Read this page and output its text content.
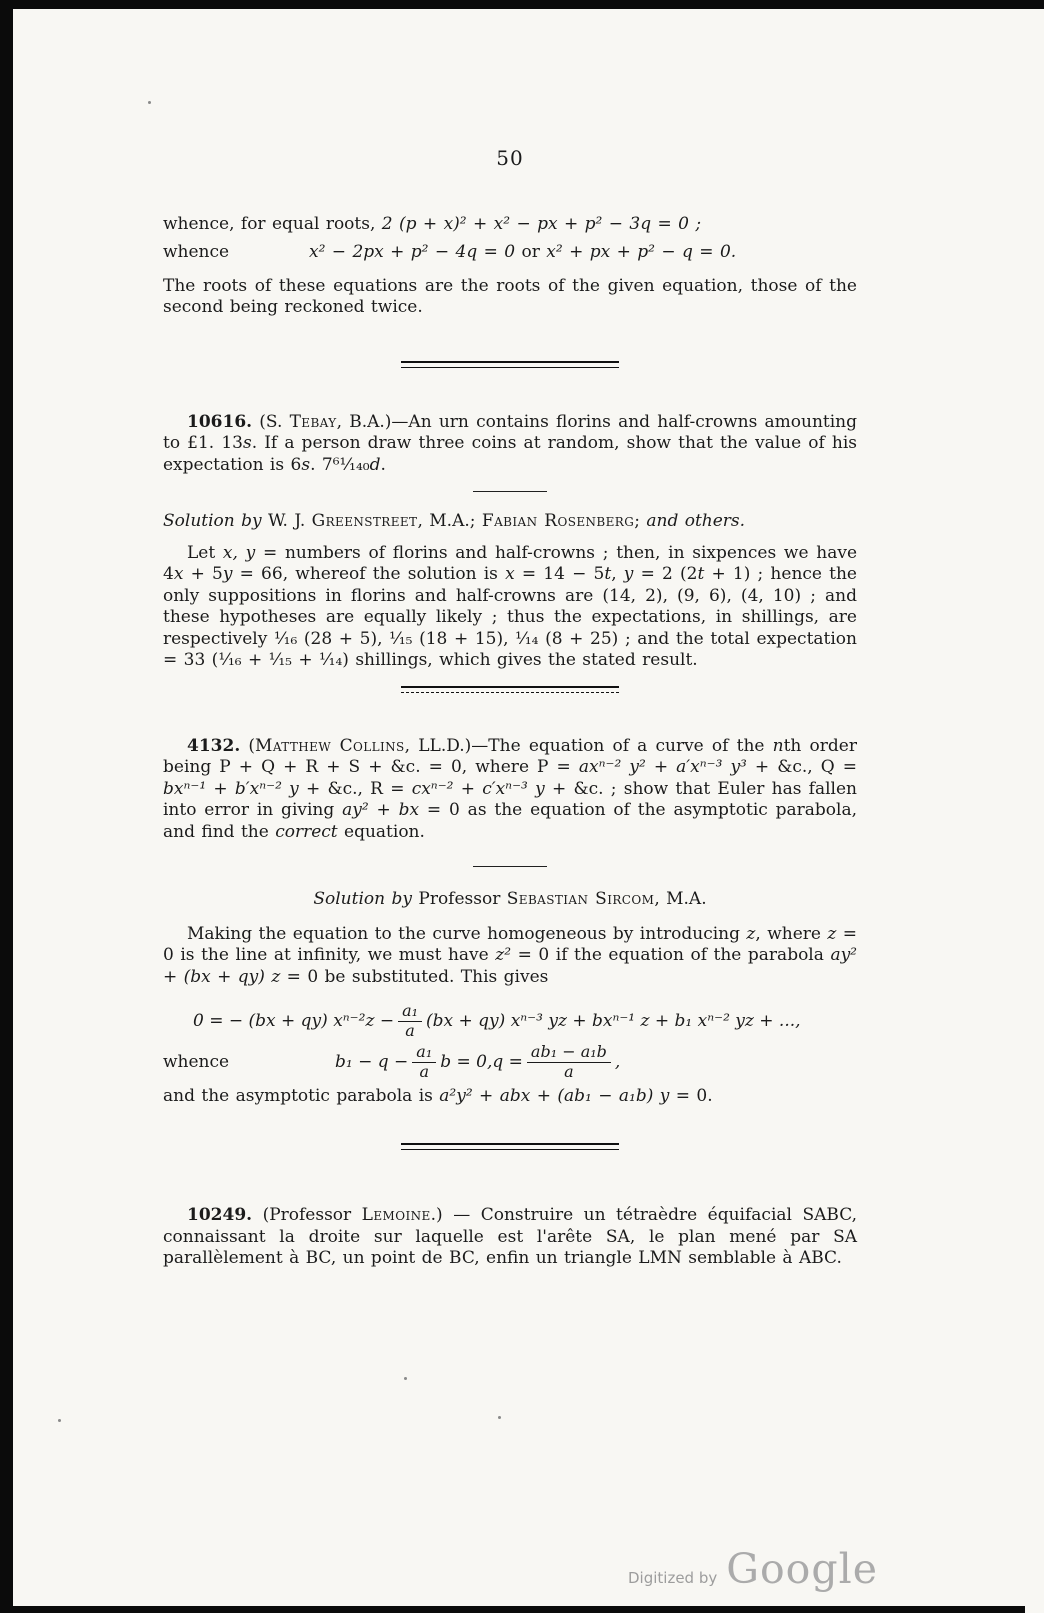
50

whence, for equal roots, 2 (p + x)² + x² − px + p² − 3q = 0 ;

whence	x² − 2px + p² − 4q = 0 or x² + px + p² − q = 0.

The roots of these equations are the roots of the given equation, those of the second being reckoned twice.

10616. (S. Tebay, B.A.)—An urn contains florins and half-crowns amounting to £1. 13s. If a person draw three coins at random, show that the value of his expectation is 6s. 7⁶¹⁄₁₄₀d.

Solution by W. J. Greenstreet, M.A.; Fabian Rosenberg; and others.

Let x, y = numbers of florins and half-crowns ; then, in sixpences we have 4x + 5y = 66, whereof the solution is x = 14 − 5t, y = 2 (2t + 1) ; hence the only suppositions in florins and half-crowns are (14, 2), (9, 6), (4, 10) ; and these hypotheses are equally likely ; thus the expectations, in shillings, are respectively ¹⁄₁₆ (28 + 5), ¹⁄₁₅ (18 + 15), ¹⁄₁₄ (8 + 25) ; and the total expectation = 33 (¹⁄₁₆ + ¹⁄₁₅ + ¹⁄₁₄) shillings, which gives the stated result.

4132. (Matthew Collins, LL.D.)—The equation of a curve of the nth order being P + Q + R + S + &c. = 0, where P = axⁿ⁻² y² + a′xⁿ⁻³ y³ + &c., Q = bxⁿ⁻¹ + b′xⁿ⁻² y + &c., R = cxⁿ⁻² + c′xⁿ⁻³ y + &c. ; show that Euler has fallen into error in giving ay² + bx = 0 as the equation of the asymptotic parabola, and find the correct equation.

Solution by Professor Sebastian Sircom, M.A.

Making the equation to the curve homogeneous by introducing z, where z = 0 is the line at infinity, we must have z² = 0 if the equation of the parabola ay² + (bx + qy) z = 0 be substituted. This gives

0 = − (bx + qy) $x^{n-2}z - \frac{\text{a₁}}{a} (bx + qy)$ xⁿ⁻³ yz + bxⁿ⁻¹ z + b₁ xⁿ⁻² yz + ...,
whence	$b_1 - q - \frac{\text{a₁}}{a}$ b = 0, $q = \frac{\text{ab₁ − a₁b}}{a}$ ,

and the asymptotic parabola is a²y² + abx + (ab₁ − a₁b) y = 0.

10249. (Professor Lemoine.) — Construire un tétraèdre équifacial SABC, connaissant la droite sur laquelle est l'arête SA, le plan mené par SA parallèlement à BC, un point de BC, enfin un triangle LMN semblable à ABC.

Digitized by Google
